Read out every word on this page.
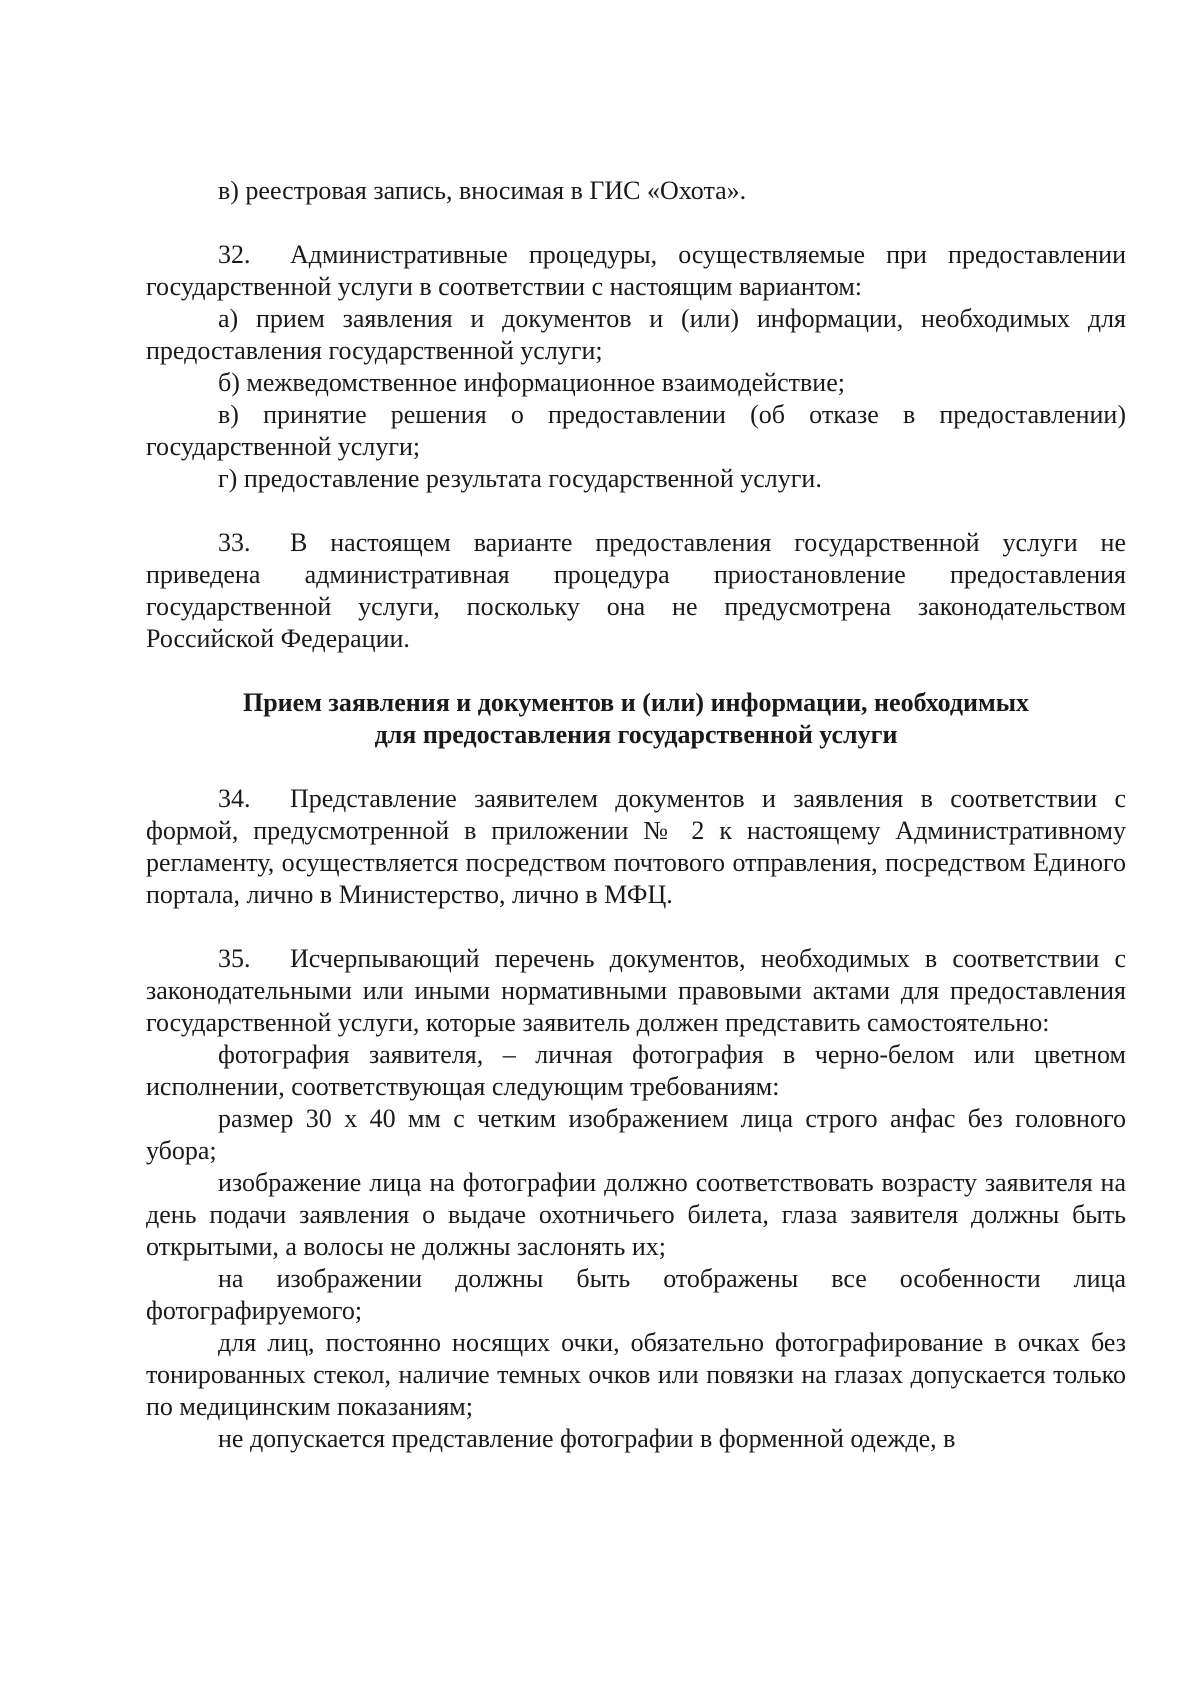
в) реестровая запись, вносимая в ГИС «Охота».

32. Административные процедуры, осуществляемые при предоставлении государственной услуги в соответствии с настоящим вариантом:

а) прием заявления и документов и (или) информации, необходимых для предоставления государственной услуги;

б) межведомственное информационное взаимодействие;

в) принятие решения о предоставлении (об отказе в предоставлении) государственной услуги;

г) предоставление результата государственной услуги.

33. В настоящем варианте предоставления государственной услуги не приведена административная процедура приостановление предоставления государственной услуги, поскольку она не предусмотрена законодательством Российской Федерации.

Прием заявления и документов и (или) информации, необходимых

для предоставления государственной услуги

34. Представление заявителем документов и заявления в соответствии с формой, предусмотренной в приложении № 2 к настоящему Административному регламенту, осуществляется посредством почтового отправления, посредством Единого портала, лично в Министерство, лично в МФЦ.

35. Исчерпывающий перечень документов, необходимых в соответствии с законодательными или иными нормативными правовыми актами для предоставления государственной услуги, которые заявитель должен представить самостоятельно:

фотография заявителя, – личная фотография в черно-белом или цветном исполнении, соответствующая следующим требованиям:

размер 30 х 40 мм с четким изображением лица строго анфас без головного убора;

изображение лица на фотографии должно соответствовать возрасту заявителя на день подачи заявления о выдаче охотничьего билета, глаза заявителя должны быть открытыми, а волосы не должны заслонять их;

на изображении должны быть отображены все особенности лица фотографируемого;

для лиц, постоянно носящих очки, обязательно фотографирование в очках без тонированных стекол, наличие темных очков или повязки на глазах допускается только по медицинским показаниям;

не допускается представление фотографии в форменной одежде, в
